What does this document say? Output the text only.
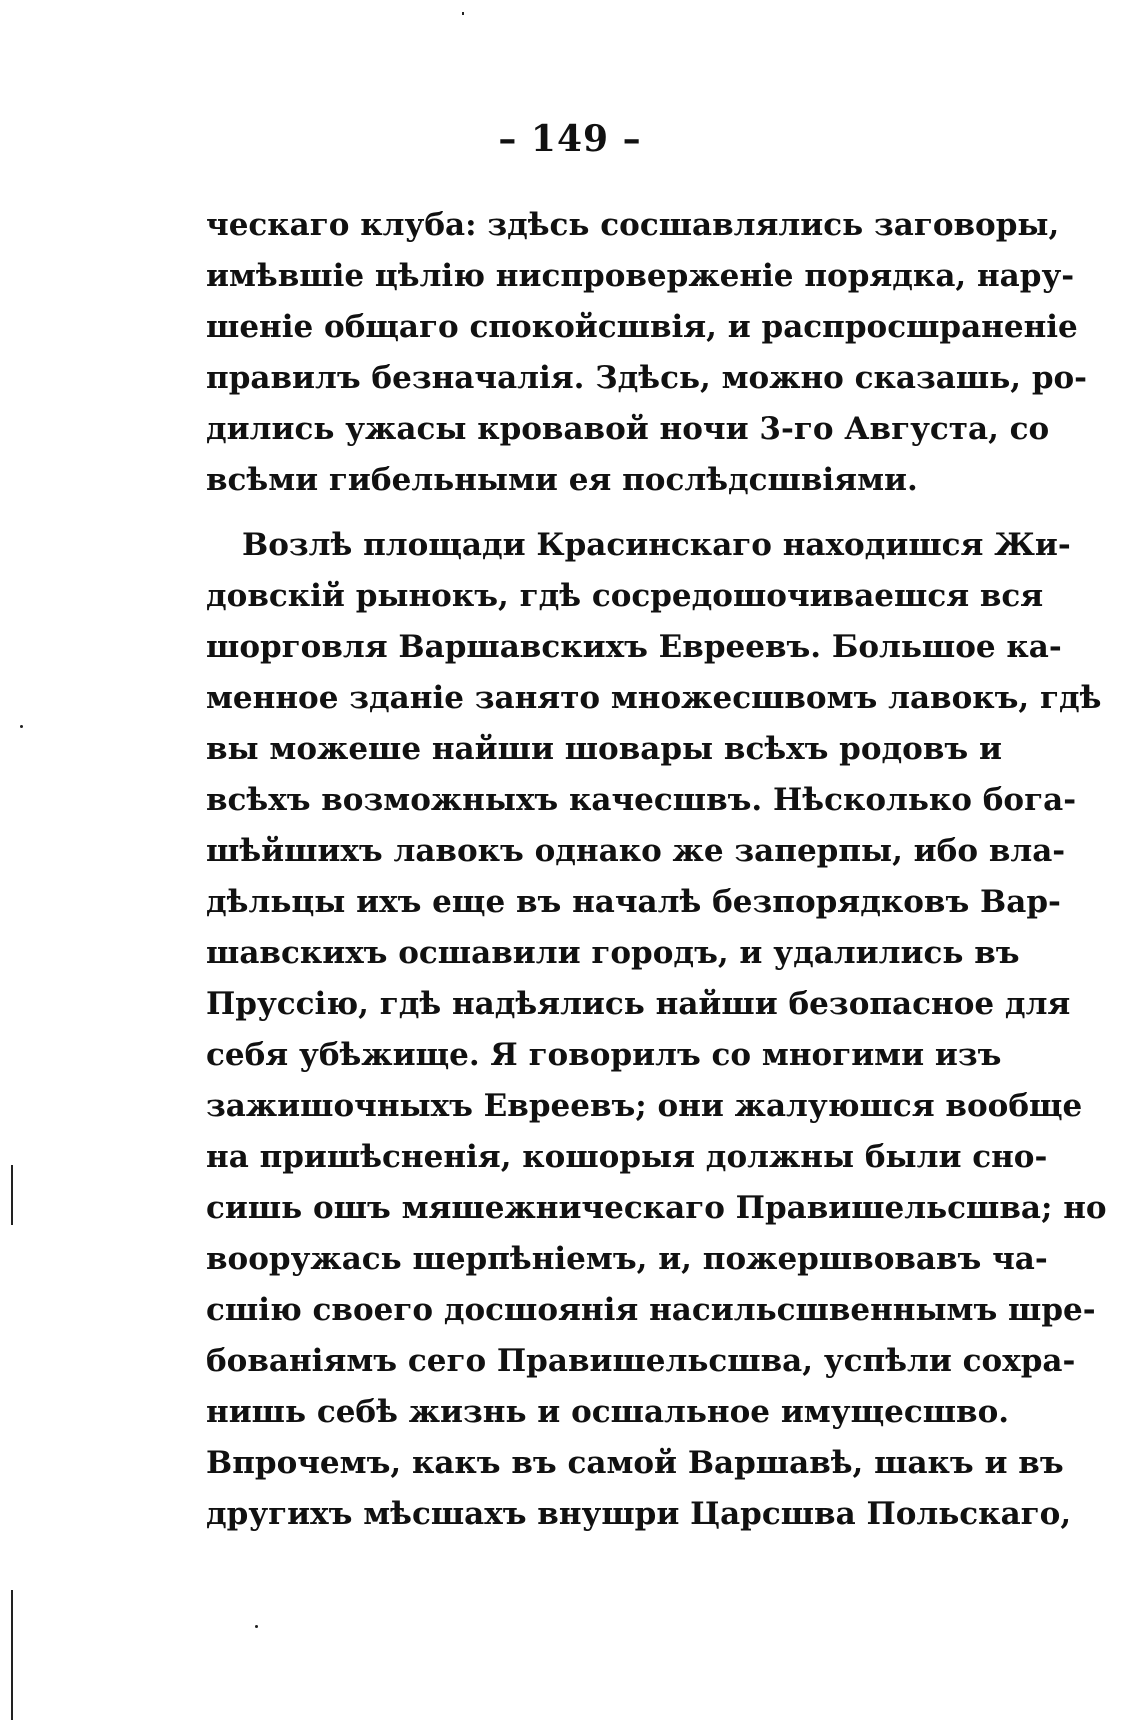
– 149 –
ческаго клуба: здѣсь сосшавлялись заговоры,
имѣвшіе цѣлію ниспроверженіе порядка, нару-
шеніе общаго спокойсшвія, и распросшраненіе
правилъ безначалія. Здѣсь, можно сказашь, ро-
дились ужасы кровавой ночи 3-го Августа, со
всѣми гибельными ея послѣдсшвіями.
Возлѣ площади Красинскаго находишся Жи-
довскій рынокъ, гдѣ сосредошочиваешся вся
шорговля Варшавскихъ Евреевъ. Большое ка-
менное зданіе занято множесшвомъ лавокъ, гдѣ
вы можеше найши шовары всѣхъ родовъ и
всѣхъ возможныхъ качесшвъ. Нѣсколько бога-
шѣйшихъ лавокъ однако же заперпы, ибо вла-
дѣльцы ихъ еще въ началѣ безпорядковъ Вар-
шавскихъ осшавили городъ, и удалились въ
Пруссію, гдѣ надѣялись найши безопасное для
себя убѣжище. Я говорилъ со многими изъ
зажишочныхъ Евреевъ; они жалуюшся вообще
на пришѣсненія, кошорыя должны были сно-
сишь ошъ мяшежническаго Правишельсшва; но
вооружась шерпѣніемъ, и, пожершвовавъ ча-
сшію своего досшоянія насильсшвеннымъ шре-
бованіямъ сего Правишельсшва, успѣли сохра-
нишь себѣ жизнь и осшальное имущесшво.
Впрочемъ, какъ въ самой Варшавѣ, шакъ и въ
другихъ мѣсшахъ внушри Царсшва Польскаго,
